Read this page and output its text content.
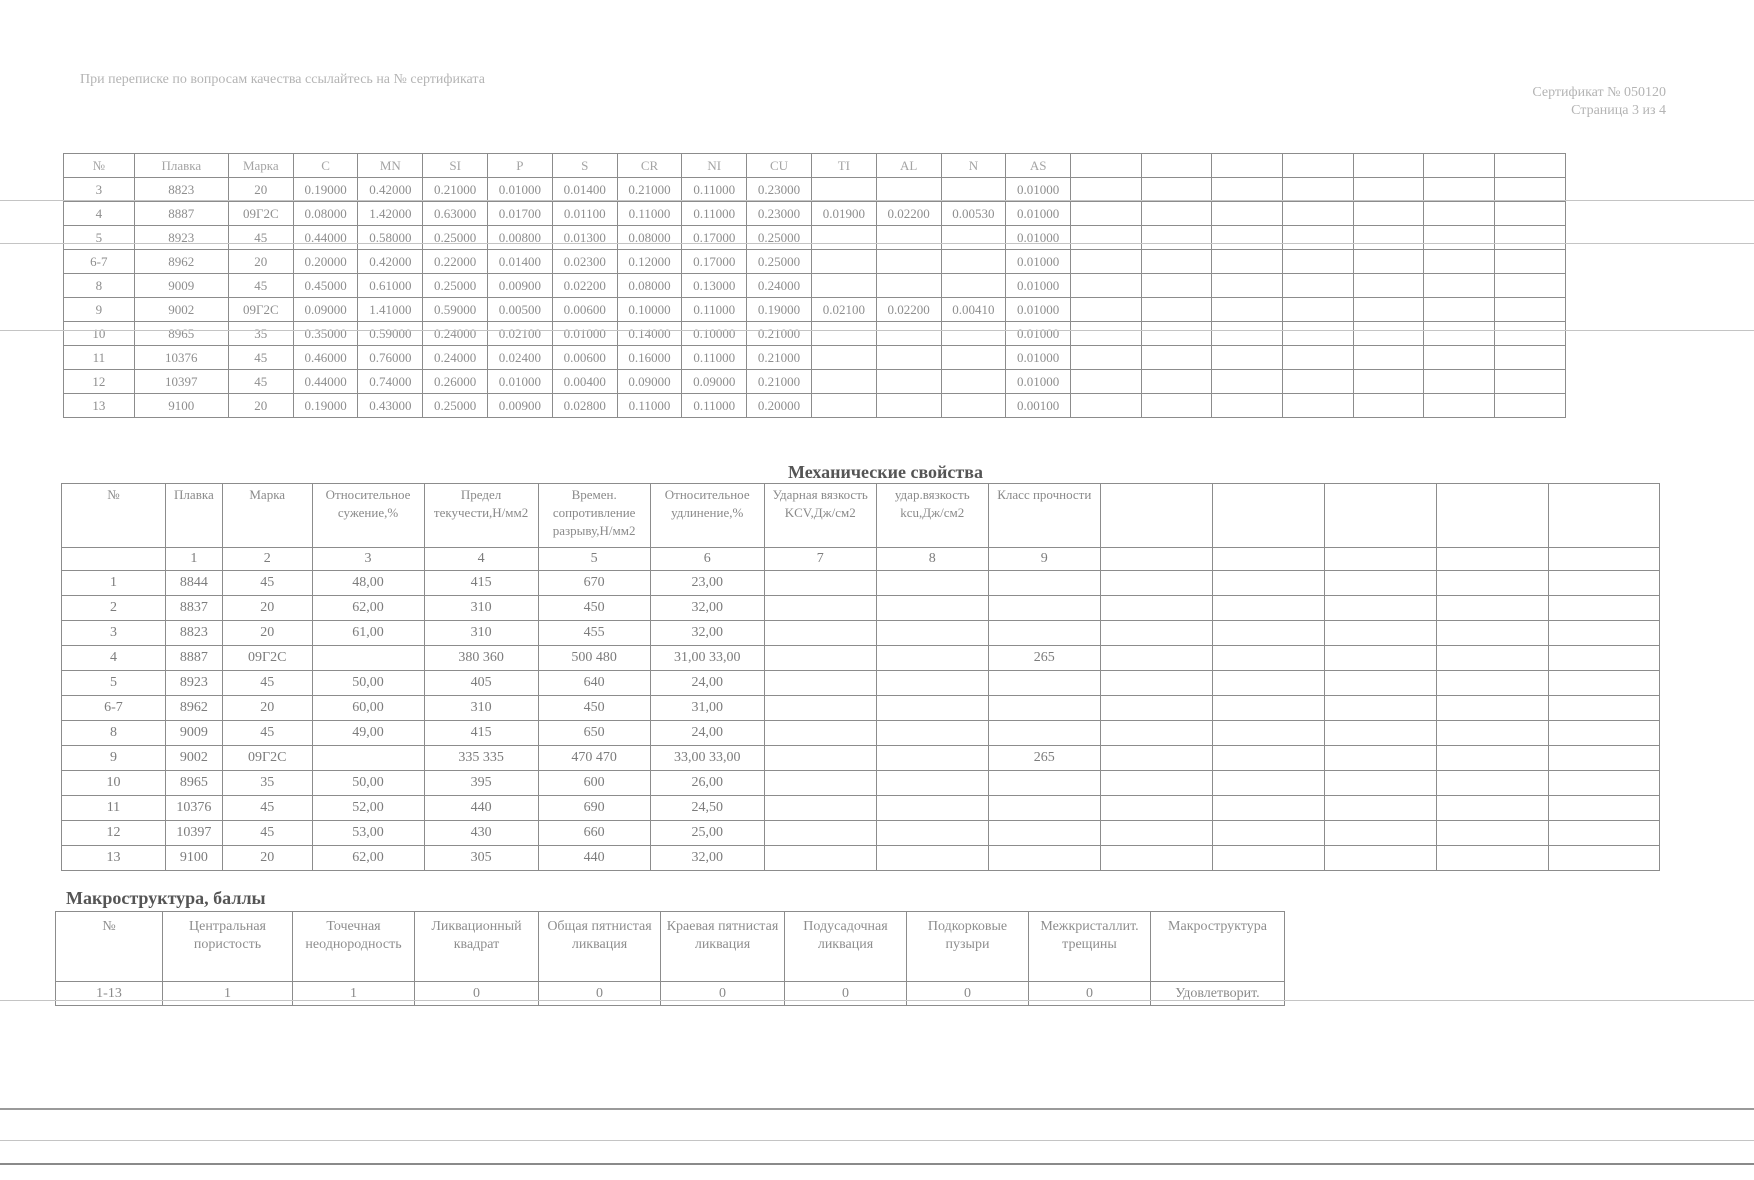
При переписке по вопросам качества ссылайтесь на № сертификата
Сертификат № 050120
Страница 3 из 4
№	Плавка	Марка	C	MN	SI	P	S	CR	NI	CU	TI	AL	N	AS							
3	8823	20	0.19000	0.42000	0.21000	0.01000	0.01400	0.21000	0.11000	0.23000				0.01000							
4	8887	09Г2С	0.08000	1.42000	0.63000	0.01700	0.01100	0.11000	0.11000	0.23000	0.01900	0.02200	0.00530	0.01000							
5	8923	45	0.44000	0.58000	0.25000	0.00800	0.01300	0.08000	0.17000	0.25000				0.01000							
6-7	8962	20	0.20000	0.42000	0.22000	0.01400	0.02300	0.12000	0.17000	0.25000				0.01000							
8	9009	45	0.45000	0.61000	0.25000	0.00900	0.02200	0.08000	0.13000	0.24000				0.01000							
9	9002	09Г2С	0.09000	1.41000	0.59000	0.00500	0.00600	0.10000	0.11000	0.19000	0.02100	0.02200	0.00410	0.01000							
10	8965	35	0.35000	0.59000	0.24000	0.02100	0.01000	0.14000	0.10000	0.21000				0.01000							
11	10376	45	0.46000	0.76000	0.24000	0.02400	0.00600	0.16000	0.11000	0.21000				0.01000							
12	10397	45	0.44000	0.74000	0.26000	0.01000	0.00400	0.09000	0.09000	0.21000				0.01000							
13	9100	20	0.19000	0.43000	0.25000	0.00900	0.02800	0.11000	0.11000	0.20000				0.00100							
Механические свойства
№	Плавка	Марка	Относительное сужение,%	Предел текучести,Н/мм2	Времен. сопротивление разрыву,Н/мм2	Относительное удлинение,%	Ударная вязкость KCV,Дж/см2	удар.вязкость kcu,Дж/см2	Класс прочности					
	1	2	3	4	5	6	7	8	9					
1	8844	45	48,00	415	670	23,00								
2	8837	20	62,00	310	450	32,00								
3	8823	20	61,00	310	455	32,00								
4	8887	09Г2С		380 360	500 480	31,00 33,00			265					
5	8923	45	50,00	405	640	24,00								
6-7	8962	20	60,00	310	450	31,00								
8	9009	45	49,00	415	650	24,00								
9	9002	09Г2С		335 335	470 470	33,00 33,00			265					
10	8965	35	50,00	395	600	26,00								
11	10376	45	52,00	440	690	24,50								
12	10397	45	53,00	430	660	25,00								
13	9100	20	62,00	305	440	32,00								
Макроструктура, баллы
№	Центральная пористость	Точечная неоднородность	Ликвационный квадрат	Общая пятнистая ликвация	Краевая пятнистая ликвация	Подусадочная ликвация	Подкорковые пузыри	Межкристаллит. трещины	Макроструктура
1-13	1	1	0	0	0	0	0	0	Удовлетворит.
